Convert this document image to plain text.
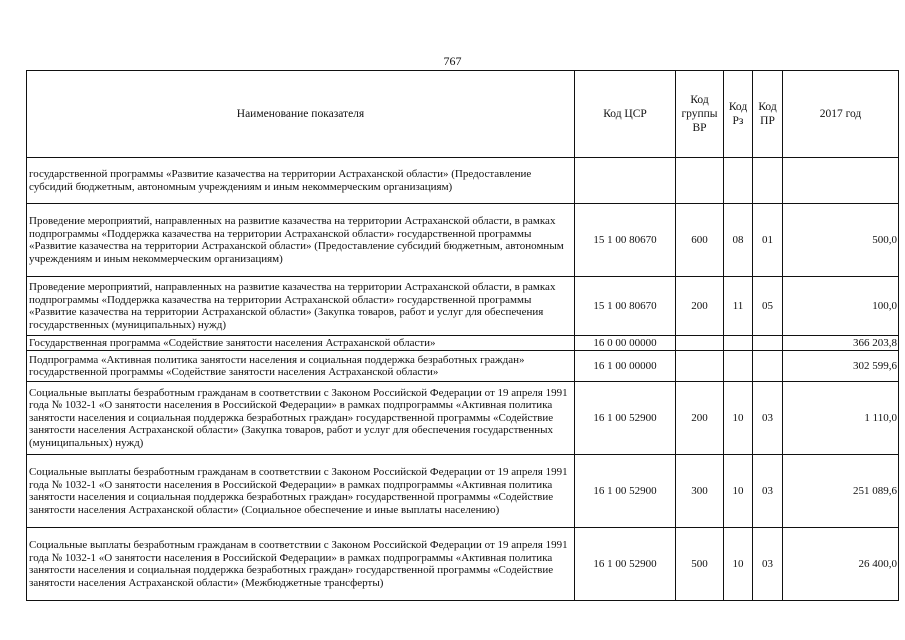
767
Наименование показателя	Код ЦСР	Код группы ВР	Код Рз	Код ПР	2017 год
государственной программы «Развитие казачества на территории Астраханской области» (Предоставление субсидий бюджетным, автономным учреждениям и иным некоммерческим организациям)					
Проведение мероприятий, направленных на развитие казачества на территории Астраханской области, в рамках подпрограммы «Поддержка казачества на территории Астраханской области» государственной программы «Развитие казачества на территории Астраханской области» (Предоставление субсидий бюджетным, автономным учреждениям и иным некоммерческим организациям)	15 1 00 80670	600	08	01	500,0
Проведение мероприятий, направленных на развитие казачества на территории Астраханской области, в рамках подпрограммы «Поддержка казачества на территории Астраханской области» государственной программы «Развитие казачества на территории Астраханской области» (Закупка товаров, работ и услуг для обеспечения государственных (муниципальных) нужд)	15 1 00 80670	200	11	05	100,0
Государственная программа «Содействие занятости населения Астраханской области»	16 0 00 00000				366 203,8
Подпрограмма «Активная политика занятости населения и социальная поддержка безработных граждан» государственной программы «Содействие занятости населения Астраханской области»	16 1 00 00000				302 599,6
Социальные выплаты безработным гражданам в соответствии с Законом Российской Федерации от 19 апреля 1991 года № 1032-1 «О занятости населения в Российской Федерации» в рамках подпрограммы «Активная политика занятости населения и социальная поддержка безработных граждан» государственной программы «Содействие занятости населения Астраханской области» (Закупка товаров, работ и услуг для обеспечения государственных (муниципальных) нужд)	16 1 00 52900	200	10	03	1 110,0
Социальные выплаты безработным гражданам в соответствии с Законом Российской Федерации от 19 апреля 1991 года № 1032-1 «О занятости населения в Российской Федерации» в рамках подпрограммы «Активная политика занятости населения и социальная поддержка безработных граждан» государственной программы «Содействие занятости населения Астраханской области» (Социальное обеспечение и иные выплаты населению)	16 1 00 52900	300	10	03	251 089,6
Социальные выплаты безработным гражданам в соответствии с Законом Российской Федерации от 19 апреля 1991 года № 1032-1 «О занятости населения в Российской Федерации» в рамках подпрограммы «Активная политика занятости населения и социальная поддержка безработных граждан» государственной программы «Содействие занятости населения Астраханской области» (Межбюджетные трансферты)	16 1 00 52900	500	10	03	26 400,0
